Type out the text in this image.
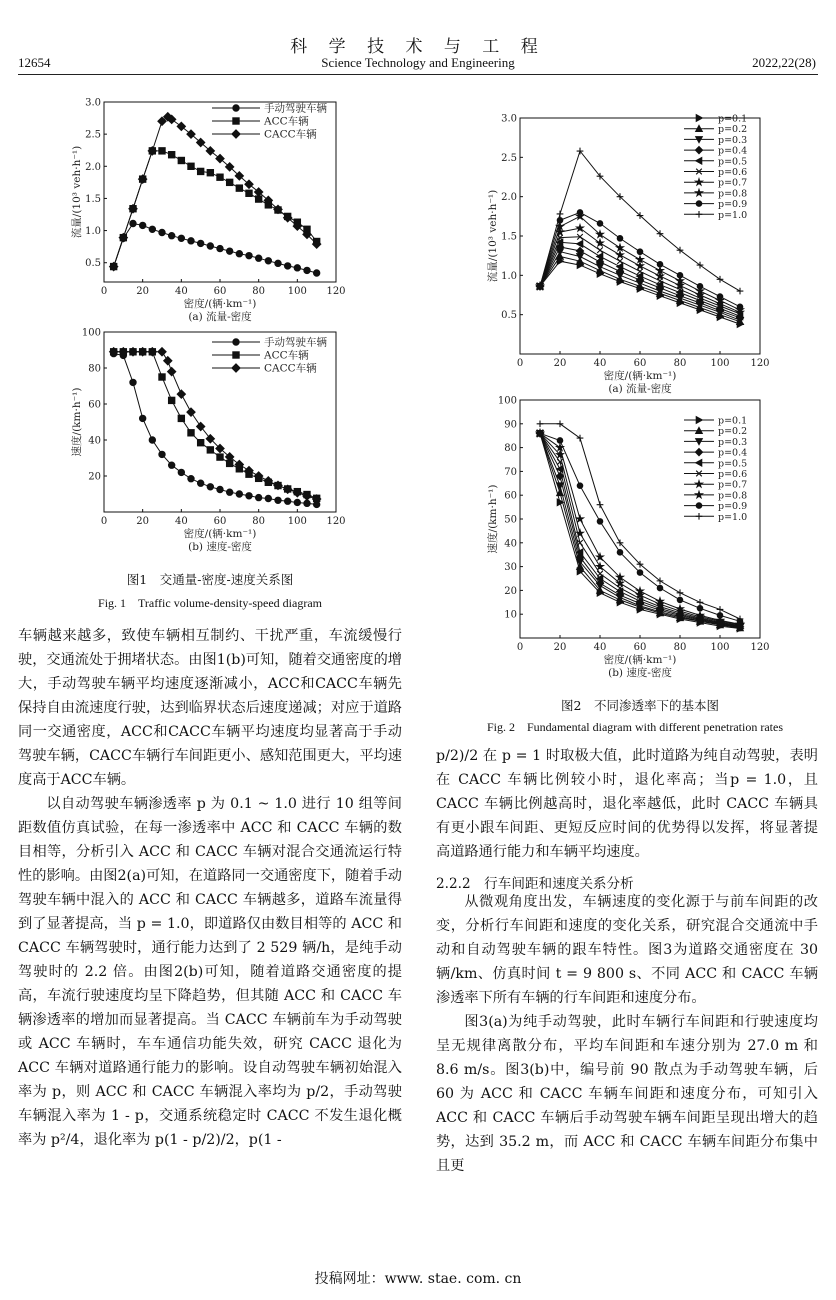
科 学 技 术 与 工 程
12654	Science Technology and Engineering	2022,22(28)
0	20	40	60	80 100 120
0.5
1.0
1.5
2.0
2.5
3.0
密度/(辆·km⁻¹)
(a) 流量-密度
流量/(10³ veh·h⁻¹)
手动驾驶车辆
ACC车辆
CACC车辆
0	20	40	60	80 100 120
20
40
60
80
100
密度/(辆·km⁻¹)
(b) 速度-密度
速度/(km·h⁻¹)
手动驾驶车辆
ACC车辆
CACC车辆
图1　交通量-密度-速度关系图
Fig. 1　Traffic volume-density-speed diagram
0	20	40	60	80 100 120
0.5
1.0
1.5
2.0
2.5
3.0
密度/(辆·km⁻¹)
(a) 流量-密度
流量/(10³ veh·h⁻¹)
p=0.1
p=0.2
p=0.3
p=0.4
p=0.5
p=0.6
p=0.7
p=0.8
p=0.9
p=1.0
0	20	40	60	80 100 120
10
20
30
40
50
60
70
80
90
100
密度/(辆·km⁻¹)
(b) 速度-密度
速度/(km·h⁻¹)
p=0.1
p=0.2
p=0.3
p=0.4
p=0.5
p=0.6
p=0.7
p=0.8
p=0.9
p=1.0
图2　不同渗透率下的基本图
Fig. 2　Fundamental diagram with different penetration rates

车辆越来越多，致使车辆相互制约、干扰严重，车流缓慢行驶，交通流处于拥堵状态。由图1(b)可知，随着交通密度的增大，手动驾驶车辆平均速度逐渐减小，ACC和CACC车辆先保持自由流速度行驶，达到临界状态后速度递减；对应于道路同一交通密度，ACC和CACC车辆平均速度均显著高于手动驾驶车辆，CACC车辆行车间距更小、感知范围更大，平均速度高于ACC车辆。

以自动驾驶车辆渗透率 p 为 0.1 ~ 1.0 进行 10 组等间距数值仿真试验，在每一渗透率中 ACC 和 CACC 车辆的数目相等，分析引入 ACC 和 CACC 车辆对混合交通流运行特性的影响。由图2(a)可知，在道路同一交通密度下，随着手动驾驶车辆中混入的 ACC 和 CACC 车辆越多，道路车流量得到了显著提高，当 p = 1.0，即道路仅由数目相等的 ACC 和 CACC 车辆驾驶时，通行能力达到了 2 529 辆/h，是纯手动驾驶时的 2.2 倍。由图2(b)可知，随着道路交通密度的提高，车流行驶速度均呈下降趋势，但其随 ACC 和 CACC 车辆渗透率的增加而显著提高。当 CACC 车辆前车为手动驾驶或 ACC 车辆时，车车通信功能失效，研究 CACC 退化为 ACC 车辆对道路通行能力的影响。设自动驾驶车辆初始混入率为 p，则 ACC 和 CACC 车辆混入率均为 p/2，手动驾驶车辆混入率为 1 - p，交通系统稳定时 CACC 不发生退化概率为 p²/4，退化率为 p(1 - p/2)/2，p(1 -

p/2)/2 在 p = 1 时取极大值，此时道路为纯自动驾驶，表明在 CACC 车辆比例较小时，退化率高；当p = 1.0，且 CACC 车辆比例越高时，退化率越低，此时 CACC 车辆具有更小跟车间距、更短反应时间的优势得以发挥，将显著提高道路通行能力和车辆平均速度。

2.2.2　行车间距和速度关系分析

从微观角度出发，车辆速度的变化源于与前车间距的改变，分析行车间距和速度的变化关系，研究混合交通流中手动和自动驾驶车辆的跟车特性。图3为道路交通密度在 30 辆/km、仿真时间 t = 9 800 s、不同 ACC 和 CACC 车辆渗透率下所有车辆的行车间距和速度分布。

图3(a)为纯手动驾驶，此时车辆行车间距和行驶速度均呈无规律离散分布，平均车间距和车速分别为 27.0 m 和 8.6 m/s。图3(b)中，编号前 90 散点为手动驾驶车辆，后 60 为 ACC 和 CACC 车辆车间距和速度分布，可知引入 ACC 和 CACC 车辆后手动驾驶车辆车间距呈现出增大的趋势，达到 35.2 m，而 ACC 和 CACC 车辆车间距分布集中且更

投稿网址：www. stae. com. cn
